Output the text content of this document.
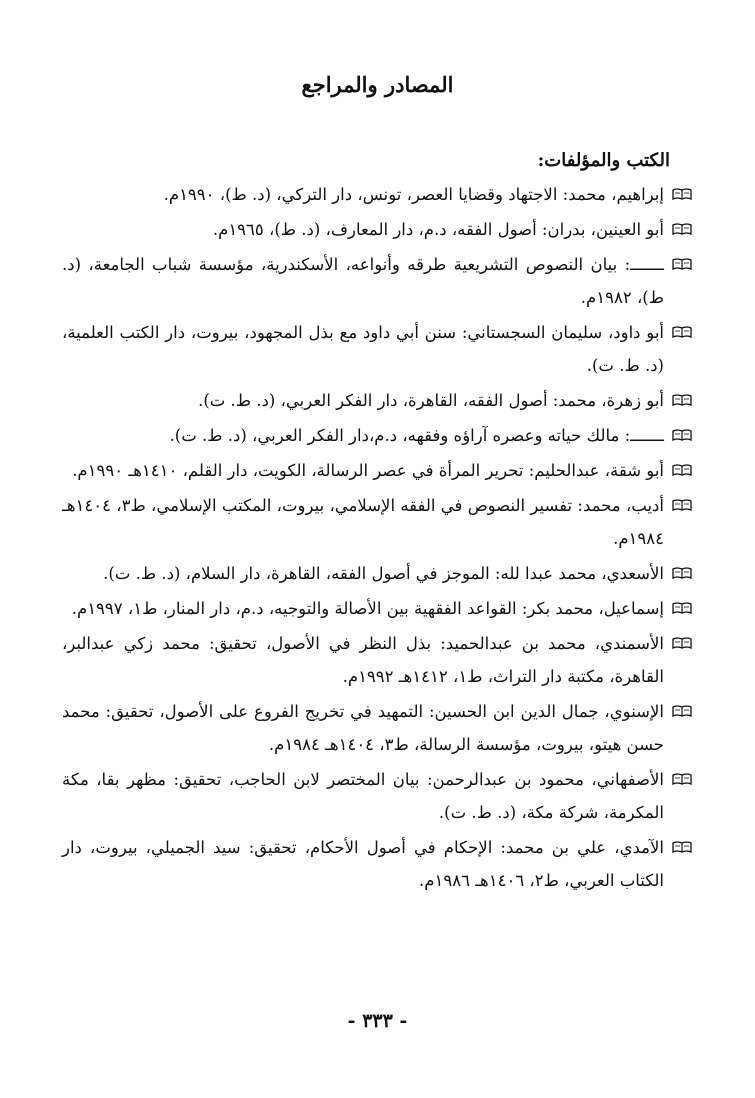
المصادر والمراجع
الكتب والمؤلفات:
إبراهيم، محمد: الاجتهاد وقضايا العصر، تونس، دار التركي، (د. ط)، ١٩٩٠م.
أبو العينين، بدران: أصول الفقه، د.م، دار المعارف، (د. ط)، ١٩٦٥م.
ـــــــ: بيان النصوص التشريعية طرقه وأنواعه، الأسكندرية، مؤسسة شباب الجامعة، (د. ط)، ١٩٨٢م.
أبو داود، سليمان السجستاني: سنن أبي داود مع بذل المجهود، بيروت، دار الكتب العلمية، (د. ط. ت).
أبو زهرة، محمد: أصول الفقه، القاهرة، دار الفكر العربي، (د. ط. ت).
ـــــــ: مالك حياته وعصره آراؤه وفقهه، د.م،دار الفكر العربي، (د. ط. ت).
أبو شقة، عبدالحليم: تحرير المرأة في عصر الرسالة، الكويت، دار القلم، ١٤١٠هـ ١٩٩٠م.
أديب، محمد: تفسير النصوص في الفقه الإسلامي، بيروت، المكتب الإسلامي، ط٣، ١٤٠٤هـ ١٩٨٤م.
الأسعدي، محمد عبدا لله: الموجز في أصول الفقه، القاهرة، دار السلام، (د. ط. ت).
إسماعيل، محمد بكر: القواعد الفقهية بين الأصالة والتوجيه، د.م، دار المنار، ط١، ١٩٩٧م.
الأسمندي، محمد بن عبدالحميد: بذل النظر في الأصول، تحقيق: محمد زكي عبدالبر، القاهرة، مكتبة دار التراث، ط١، ١٤١٢هـ ١٩٩٢م.
الإسنوي، جمال الدين ابن الحسين: التمهيد في تخريج الفروع على الأصول، تحقيق: محمد حسن هيتو، بيروت، مؤسسة الرسالة، ط٣، ١٤٠٤هـ ١٩٨٤م.
الأصفهاني، محمود بن عبدالرحمن: بيان المختصر لابن الحاجب، تحقيق: مظهر بقا، مكة المكرمة، شركة مكة، (د. ط. ت).
الآمدي، علي بن محمد: الإحكام في أصول الأحكام، تحقيق: سيد الجميلي، بيروت، دار الكتاب العربي، ط٢، ١٤٠٦هـ ١٩٨٦م.
- ٣٣٣ -
